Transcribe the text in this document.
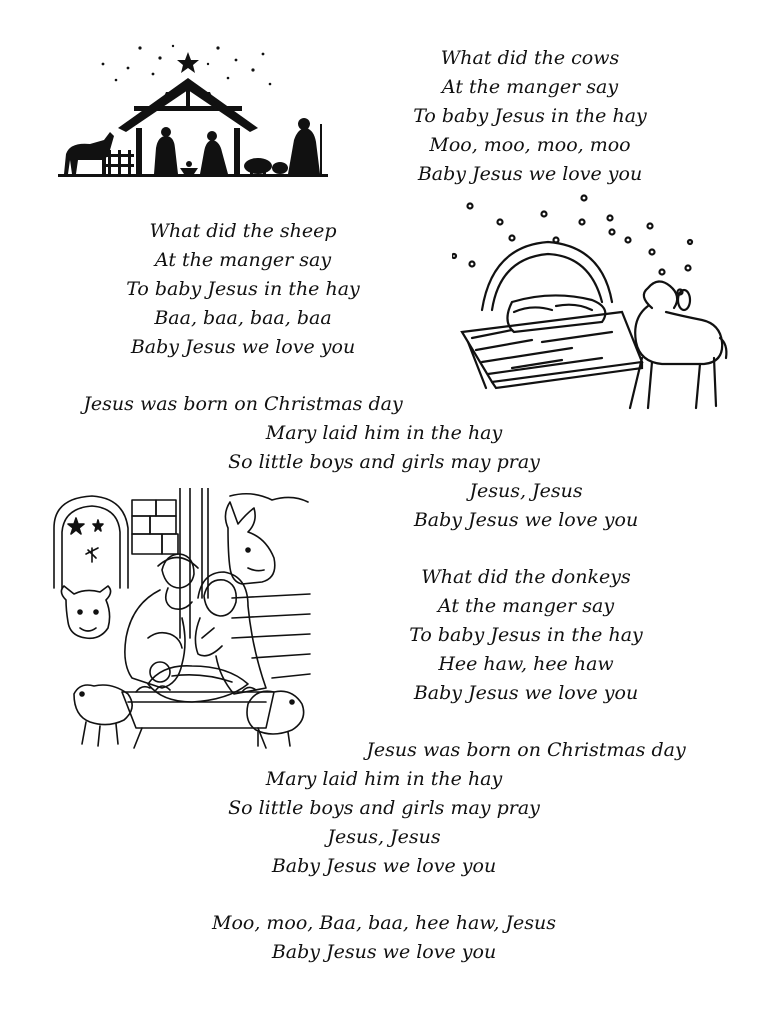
What did the cows
At the manger say
To baby Jesus in the hay
Moo, moo, moo, moo
Baby Jesus we love you
What did the sheep
At the manger say
To baby Jesus in the hay
Baa, baa, baa, baa
Baby Jesus we love you
Jesus was born on Christmas day
Mary laid him in the hay
So little boys and girls may pray
Jesus, Jesus
Baby Jesus we love you
What did the donkeys
At the manger say
To baby Jesus in the hay
Hee haw, hee haw
Baby Jesus we love you
Jesus was born on Christmas day
Mary laid him in the hay
So little boys and girls may pray
Jesus, Jesus
Baby Jesus we love you
Moo, moo, Baa, baa, hee haw, Jesus
Baby Jesus we love you
